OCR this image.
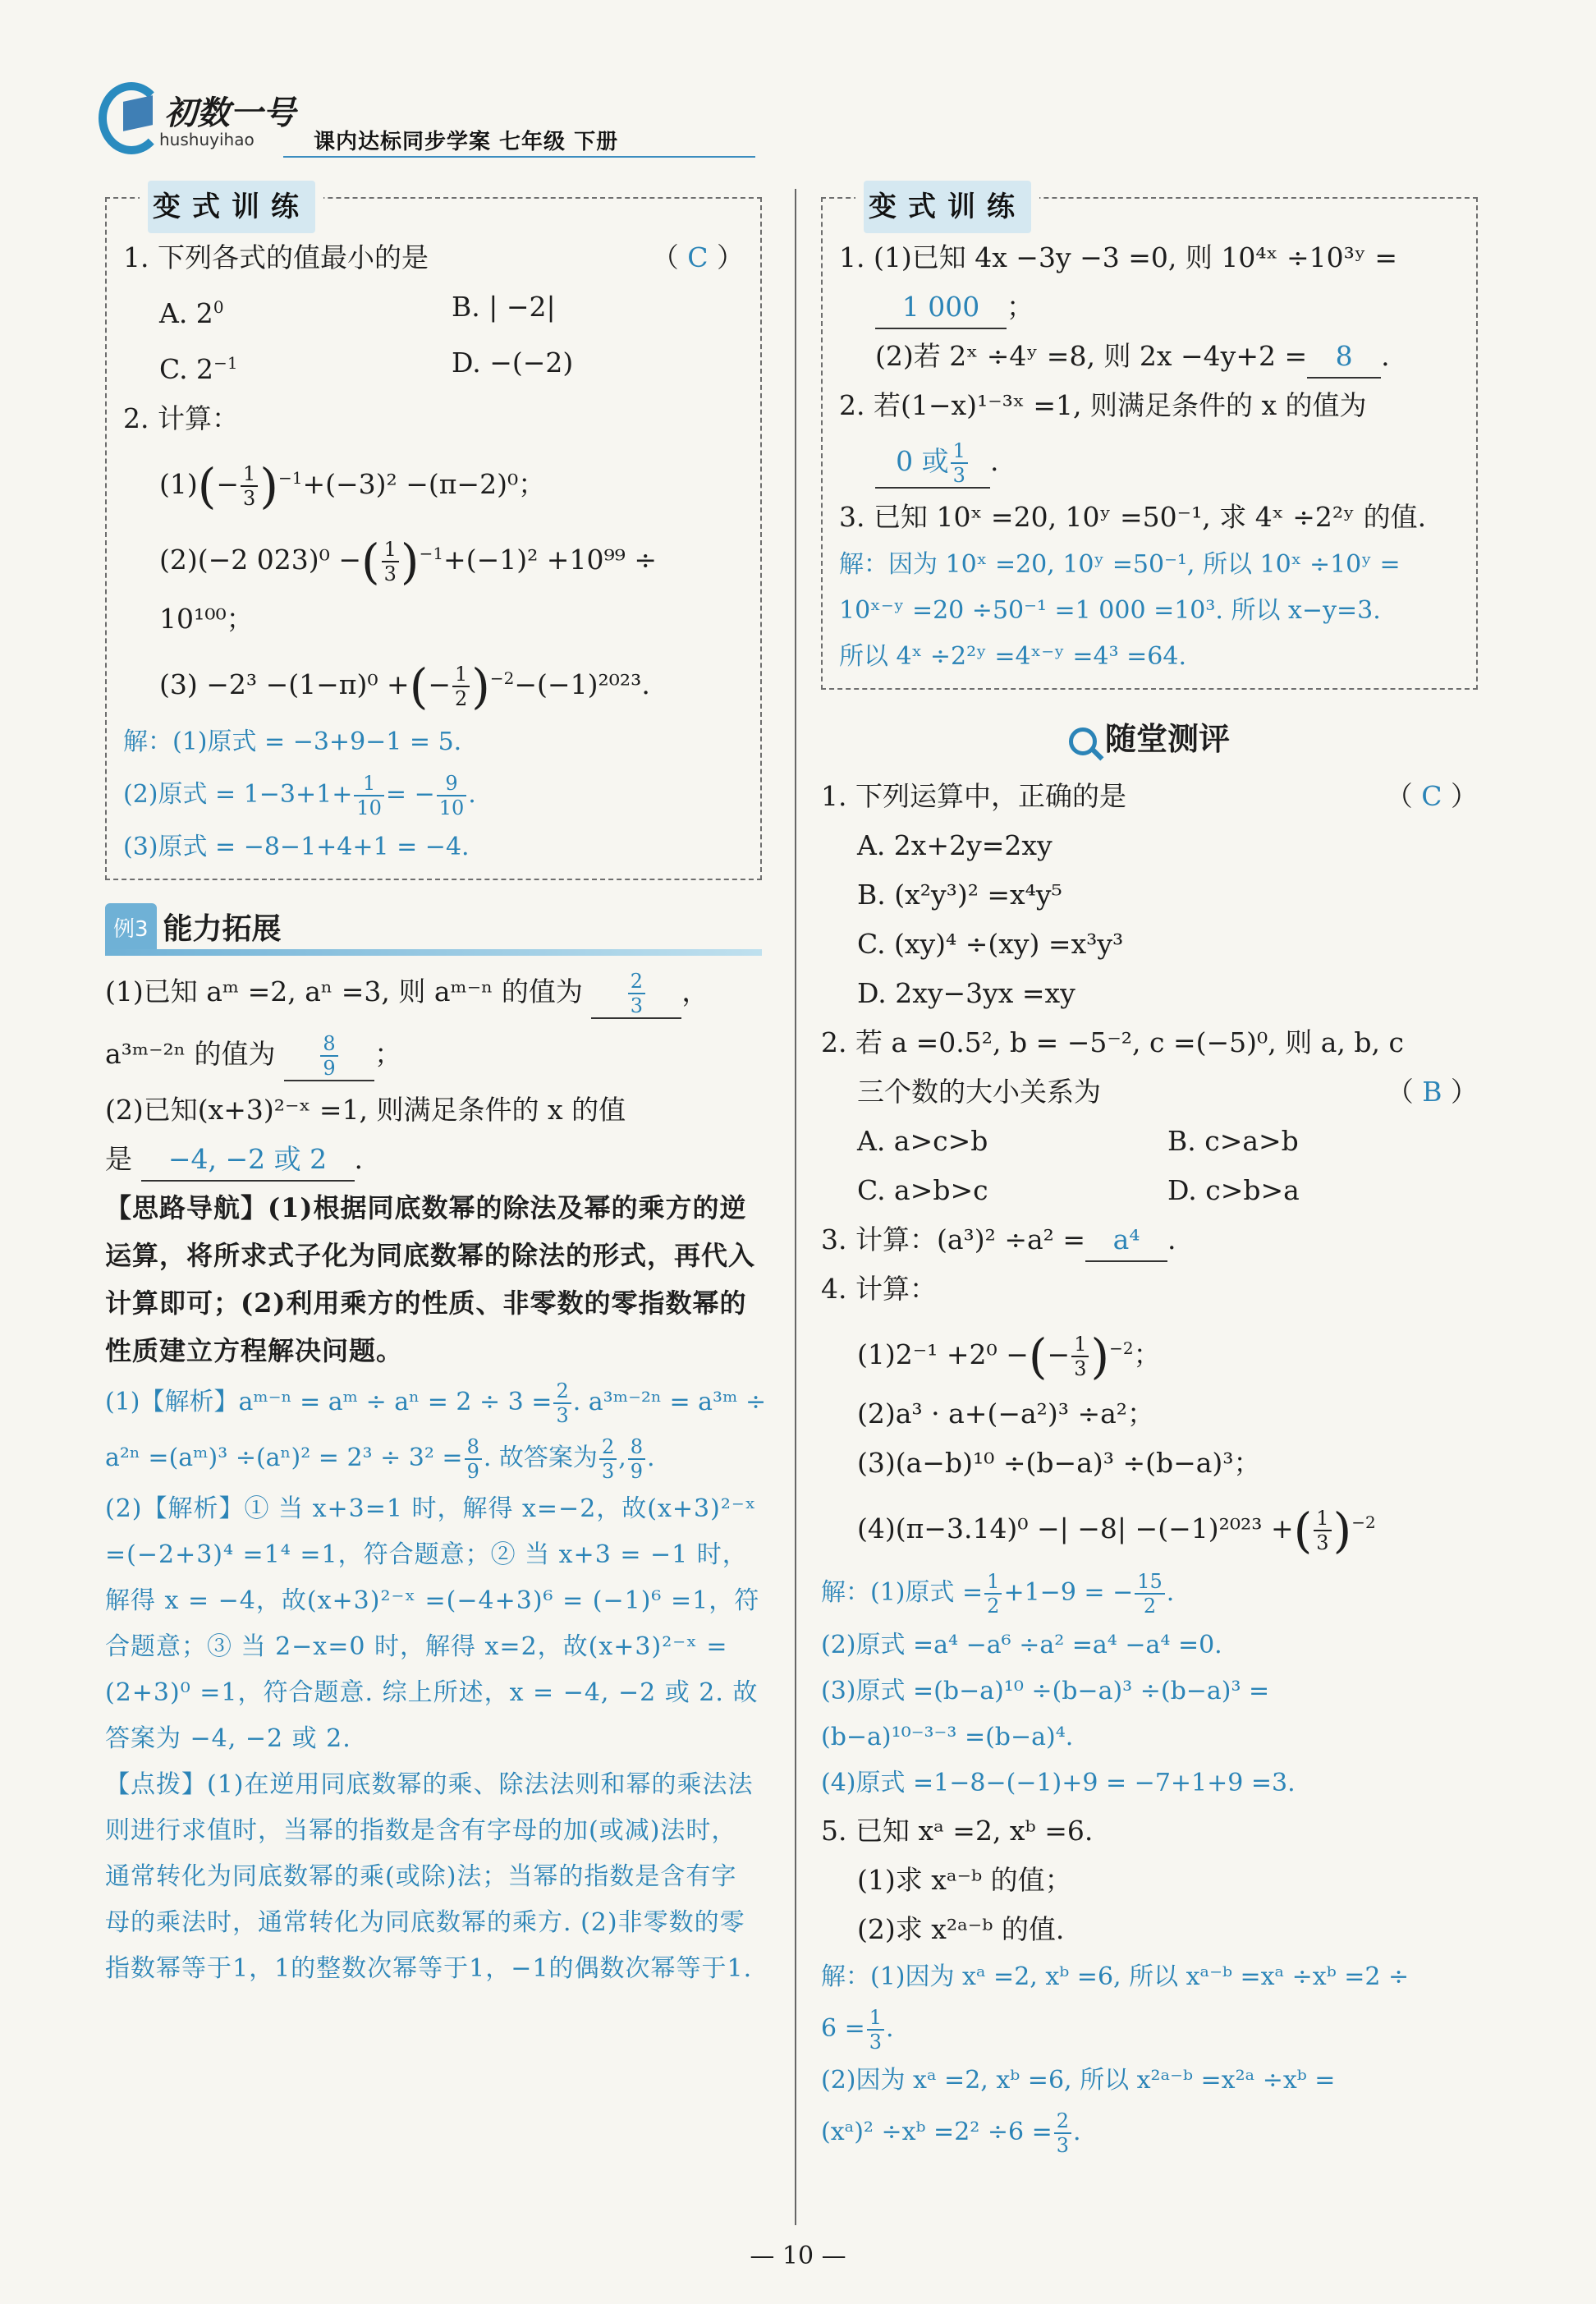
初数一号
hushuyihao	课内达标同步学案 七年级 下册
变式训练
1. 下列各式的值最小的是	（ C ）
A. $2^0$	B. | −2|
C. $2^{-1}$	D. −(−2)
2. 计算：
$(1)(- \frac{1}{3} )^{-1}+(-3)^2 -(\pi-2)^0$；
(2)(−2 023)⁰ −( $\frac{1}{3} )^{-1}+(-1)^2 +10^{99}$ ÷
10¹⁰⁰；
(3) −2³ −(1−π)⁰ +(− $\frac{1}{2} )^{-2}-(-1)^{2023}$.
解：(1)原式 = −3+9−1 = 5.
(2)原式 = $1-3+1+ \frac{1}{10}$ = − $\frac{9}{10}$ .
(3)原式 = −8−1+4+1 = −4.
例3 能力拓展
(1)已知 aᵐ =2, aⁿ =3, 则 aᵐ⁻ⁿ 的值为 $\frac{2}{3}$ ，
a³ᵐ⁻²ⁿ 的值为 $\frac{8}{9}$ ；
(2)已知(x+3)²⁻ˣ =1, 则满足条件的 x 的值
是 −4, −2 或 2 .
【思路导航】(1)根据同底数幂的除法及幂的乘方的逆运算，将所求式子化为同底数幂的除法的形式，再代入计算即可；(2)利用乘方的性质、非零数的零指数幂的性质建立方程解决问题。
(1)【解析】aᵐ⁻ⁿ = aᵐ ÷ $a^n = 2 \div 3 = \frac{2}{3}$ . a³ᵐ⁻²ⁿ = a³ᵐ ÷
a²ⁿ =(aᵐ)³ $\div(a^n)^2 = 2^3 \div 3^2 = \frac{8}{9}$ . 故答案为 $\frac{2}{3}$ , $\frac{8}{9}$ .
(2)【解析】① 当 x+3=1 时，解得 x=−2，故(x+3)²⁻ˣ =(−2+3)⁴ =1⁴ =1，符合题意；② 当 x+3 = −1 时，解得 x = −4，故(x+3)²⁻ˣ =(−4+3)⁶ = (−1)⁶ =1，符合题意；③ 当 2−x=0 时，解得 x=2，故(x+3)²⁻ˣ =(2+3)⁰ =1，符合题意. 综上所述，x = −4, −2 或 2. 故答案为 −4, −2 或 2.
【点拨】(1)在逆用同底数幂的乘、除法法则和幂的乘法法则进行求值时，当幂的指数是含有字母的加(或减)法时，通常转化为同底数幂的乘(或除)法；当幂的指数是含有字母的乘法时，通常转化为同底数幂的乘方. (2)非零数的零指数幂等于1，1的整数次幂等于1，−1的偶数次幂等于1.
变式训练
1. (1)已知 4x −3y −3 =0, 则 10⁴ˣ ÷10³ʸ =
1 000 ；
(2)若 2ˣ ÷4ʸ =8, 则 2x −4y+2 = 8 .
2. 若(1−x)¹⁻³ˣ =1, 则满足条件的 x 的值为
0 或 $\frac{1}{3}$ .
3. 已知 10ˣ =20, 10ʸ =50⁻¹, 求 4ˣ ÷2²ʸ 的值.
解：因为 10ˣ =20, 10ʸ =50⁻¹, 所以 10ˣ ÷10ʸ =
10ˣ⁻ʸ =20 ÷50⁻¹ =1 000 =10³. 所以 x−y=3.
所以 4ˣ ÷2²ʸ =4ˣ⁻ʸ =4³ =64.
随堂测评
1. 下列运算中，正确的是	（ C ）
A. 2x+2y=2xy
B. (x²y³)² =x⁴y⁵
C. (xy)⁴ ÷(xy) =x³y³
D. 2xy−3yx =xy
2. 若 a =0.5², b = −5⁻², c =(−5)⁰, 则 a, b, c
三个数的大小关系为	（ B ）
A. a>c>b	B. c>a>b
C. a>b>c	D. c>b>a
3. 计算：(a³)² ÷a² = a⁴ .
4. 计算：
(1)2⁻¹ +2⁰ −(− $\frac{1}{3} )^{-2}$；
(2)a³ · a+(−a²)³ ÷a²；
(3)(a−b)¹⁰ ÷(b−a)³ ÷(b−a)³；
(4)(π−3.14)⁰ −| −8| −(−1)²⁰²³ +( $\frac{1}{3} )^{-2}$
解：(1)原式 = $\frac{1}{2} +1-9$ = − $\frac{15}{2}$ .
(2)原式 =a⁴ −a⁶ ÷a² =a⁴ −a⁴ =0.
(3)原式 =(b−a)¹⁰ ÷(b−a)³ ÷(b−a)³ =
(b−a)¹⁰⁻³⁻³ =(b−a)⁴.
(4)原式 =1−8−(−1)+9 = −7+1+9 =3.
5. 已知 xᵃ =2, xᵇ =6.
(1)求 xᵃ⁻ᵇ 的值；
(2)求 x²ᵃ⁻ᵇ 的值.
解：(1)因为 xᵃ =2, xᵇ =6, 所以 xᵃ⁻ᵇ =xᵃ ÷xᵇ =2 ÷
$6 = \frac{1}{3}$ .
(2)因为 xᵃ =2, xᵇ =6, 所以 x²ᵃ⁻ᵇ =x²ᵃ ÷xᵇ =
(xᵃ)² ÷xᵇ $=2^2 \div 6 = \frac{2}{3}$ .
— 10 —
